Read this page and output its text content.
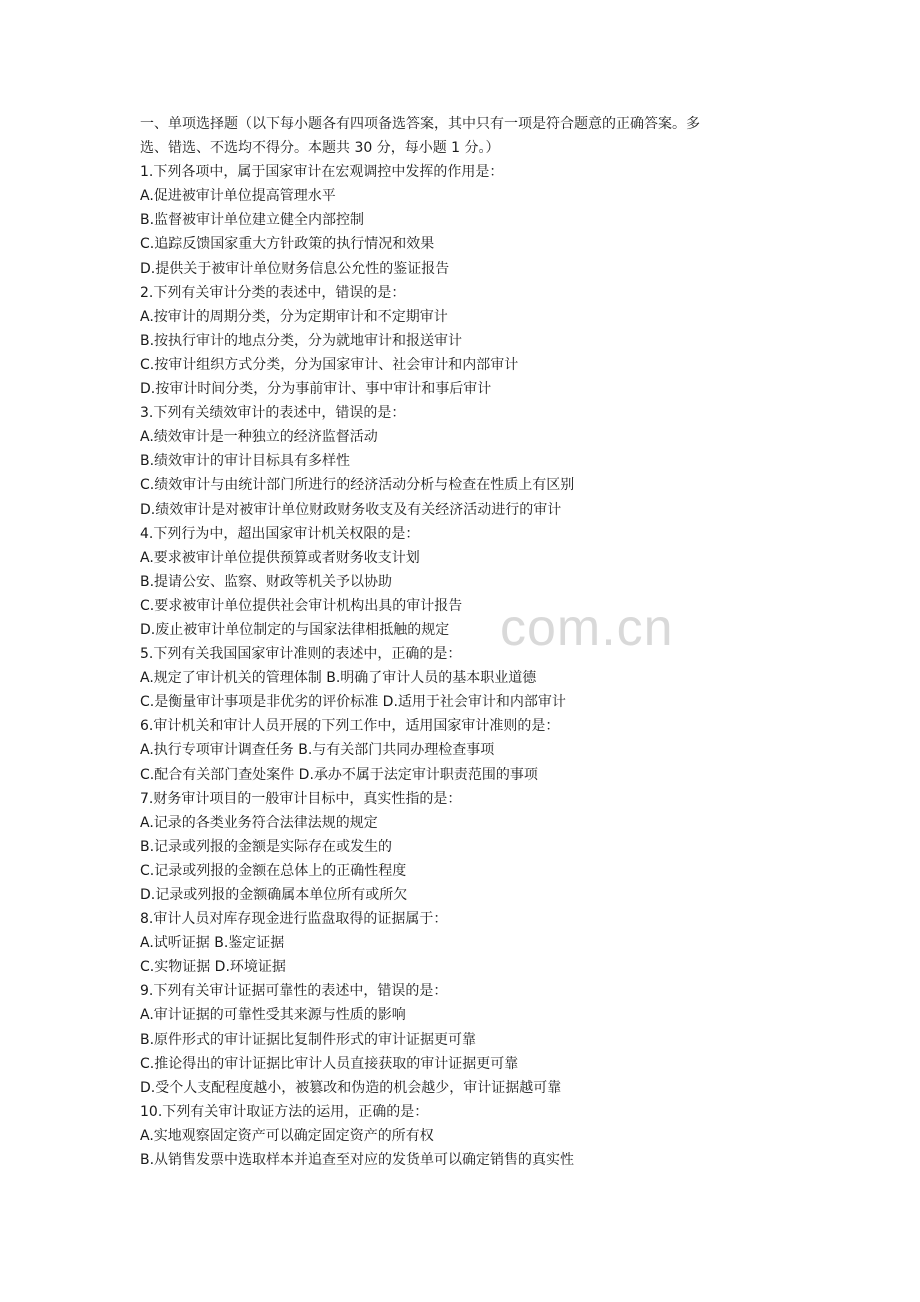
com.cn
一、单项选择题（以下每小题各有四项备选答案，其中只有一项是符合题意的正确答案。多
选、错选、不选均不得分。本题共 30 分，每小题 1 分。）
1.下列各项中，属于国家审计在宏观调控中发挥的作用是：
A.促进被审计单位提高管理水平
B.监督被审计单位建立健全内部控制
C.追踪反馈国家重大方针政策的执行情况和效果
D.提供关于被审计单位财务信息公允性的鉴证报告
2.下列有关审计分类的表述中，错误的是：
A.按审计的周期分类，分为定期审计和不定期审计
B.按执行审计的地点分类，分为就地审计和报送审计
C.按审计组织方式分类，分为国家审计、社会审计和内部审计
D.按审计时间分类，分为事前审计、事中审计和事后审计
3.下列有关绩效审计的表述中，错误的是：
A.绩效审计是一种独立的经济监督活动
B.绩效审计的审计目标具有多样性
C.绩效审计与由统计部门所进行的经济活动分析与检查在性质上有区别
D.绩效审计是对被审计单位财政财务收支及有关经济活动进行的审计
4.下列行为中，超出国家审计机关权限的是：
A.要求被审计单位提供预算或者财务收支计划
B.提请公安、监察、财政等机关予以协助
C.要求被审计单位提供社会审计机构出具的审计报告
D.废止被审计单位制定的与国家法律相抵触的规定
5.下列有关我国国家审计准则的表述中，正确的是：
A.规定了审计机关的管理体制 B.明确了审计人员的基本职业道德
C.是衡量审计事项是非优劣的评价标准 D.适用于社会审计和内部审计
6.审计机关和审计人员开展的下列工作中，适用国家审计准则的是：
A.执行专项审计调查任务 B.与有关部门共同办理检查事项
C.配合有关部门查处案件 D.承办不属于法定审计职责范围的事项
7.财务审计项目的一般审计目标中，真实性指的是：
A.记录的各类业务符合法律法规的规定
B.记录或列报的金额是实际存在或发生的
C.记录或列报的金额在总体上的正确性程度
D.记录或列报的金额确属本单位所有或所欠
8.审计人员对库存现金进行监盘取得的证据属于：
A.试听证据 B.鉴定证据
C.实物证据 D.环境证据
9.下列有关审计证据可靠性的表述中，错误的是：
A.审计证据的可靠性受其来源与性质的影响
B.原件形式的审计证据比复制件形式的审计证据更可靠
C.推论得出的审计证据比审计人员直接获取的审计证据更可靠
D.受个人支配程度越小，被篡改和伪造的机会越少，审计证据越可靠
10.下列有关审计取证方法的运用，正确的是：
A.实地观察固定资产可以确定固定资产的所有权
B.从销售发票中选取样本并追查至对应的发货单可以确定销售的真实性
